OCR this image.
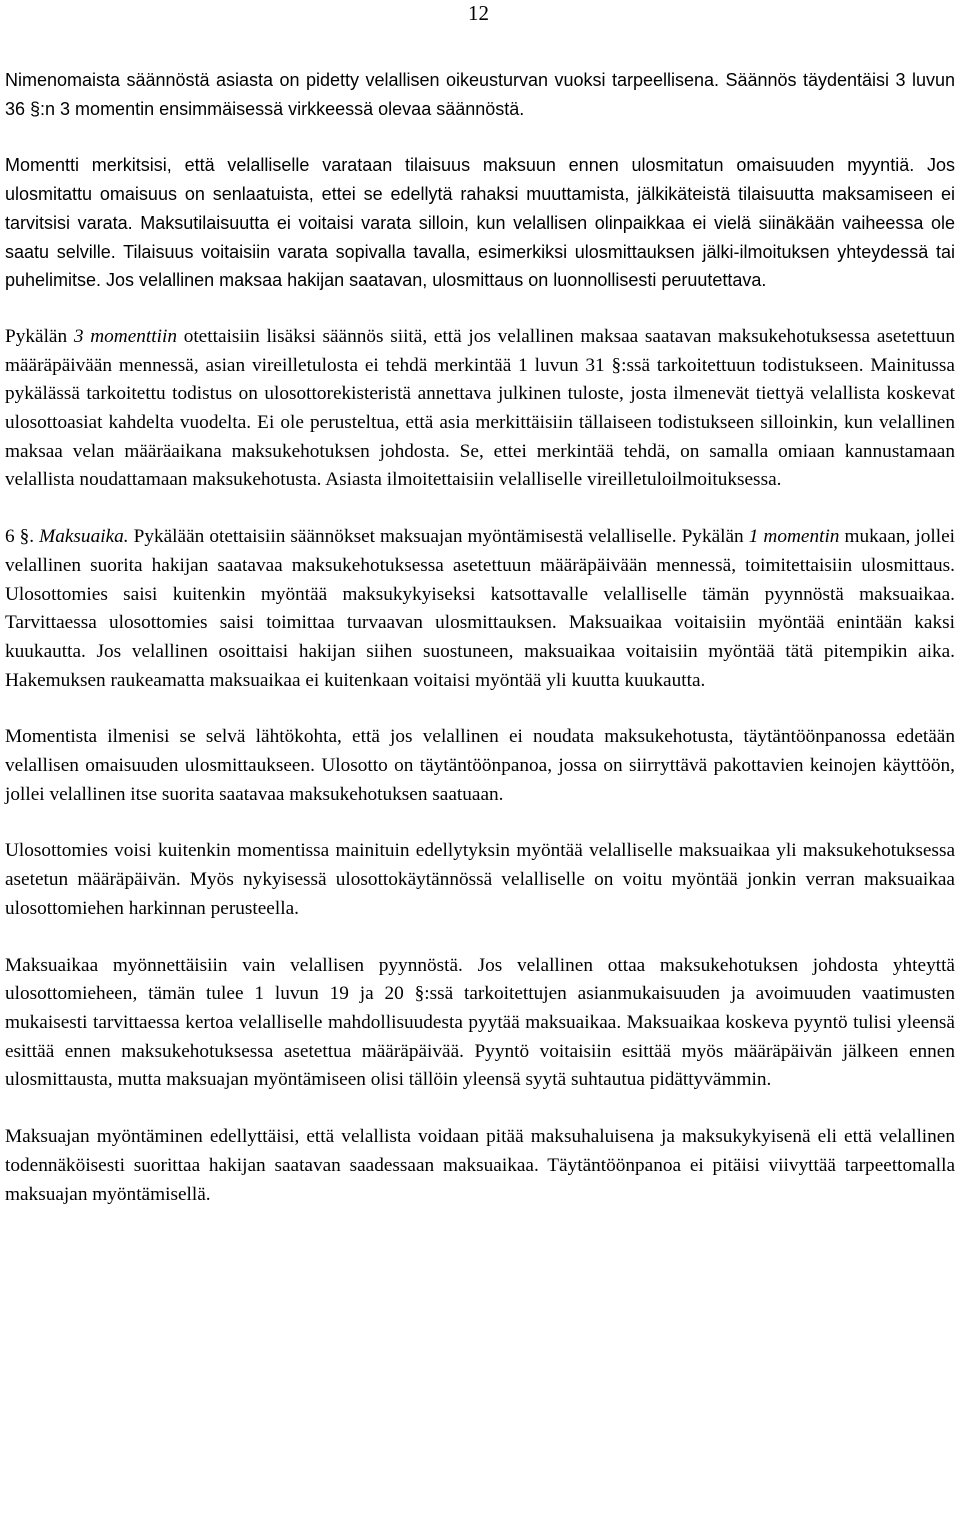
12

Nimenomaista säännöstä asiasta on pidetty velallisen oikeusturvan vuoksi tarpeellisena. Säännös täydentäisi 3 luvun 36 §:n 3 momentin ensimmäisessä virkkeessä olevaa säännöstä.

Momentti merkitsisi, että velalliselle varataan tilaisuus maksuun ennen ulosmitatun omaisuuden myyntiä. Jos ulosmitattu omaisuus on senlaatuista, ettei se edellytä rahaksi muuttamista, jälkikäteistä tilaisuutta maksamiseen ei tarvitsisi varata. Maksutilaisuutta ei voitaisi varata silloin, kun velallisen olinpaikkaa ei vielä siinäkään vaiheessa ole saatu selville. Tilaisuus voitaisiin varata sopivalla tavalla, esimerkiksi ulosmittauksen jälki-ilmoituksen yhteydessä tai puhelimitse. Jos velallinen maksaa hakijan saatavan, ulosmittaus on luonnollisesti peruutettava.

Pykälän 3 momenttiin otettaisiin lisäksi säännös siitä, että jos velallinen maksaa saatavan maksukehotuksessa asetettuun määräpäivään mennessä, asian vireilletulosta ei tehdä merkintää 1 luvun 31 §:ssä tarkoitettuun todistukseen. Mainitussa pykälässä tarkoitettu todistus on ulosottorekisteristä annettava julkinen tuloste, josta ilmenevät tiettyä velallista koskevat ulosottoasiat kahdelta vuodelta. Ei ole perusteltua, että asia merkittäisiin tällaiseen todistukseen silloinkin, kun velallinen maksaa velan määräaikana maksukehotuksen johdosta. Se, ettei merkintää tehdä, on samalla omiaan kannustamaan velallista noudattamaan maksukehotusta. Asiasta ilmoitettaisiin velalliselle vireilletuloilmoituksessa.

6 §. Maksuaika. Pykälään otettaisiin säännökset maksuajan myöntämisestä velalliselle. Pykälän 1 momentin mukaan, jollei velallinen suorita hakijan saatavaa maksukehotuksessa asetettuun määräpäivään mennessä, toimitettaisiin ulosmittaus. Ulosottomies saisi kuitenkin myöntää maksukykyiseksi katsottavalle velalliselle tämän pyynnöstä maksuaikaa. Tarvittaessa ulosottomies saisi toimittaa turvaavan ulosmittauksen. Maksuaikaa voitaisiin myöntää enintään kaksi kuukautta. Jos velallinen osoittaisi hakijan siihen suostuneen, maksuaikaa voitaisiin myöntää tätä pitempikin aika. Hakemuksen raukeamatta maksuaikaa ei kuitenkaan voitaisi myöntää yli kuutta kuukautta.

Momentista ilmenisi se selvä lähtökohta, että jos velallinen ei noudata maksukehotusta, täytäntöönpanossa edetään velallisen omaisuuden ulosmittaukseen. Ulosotto on täytäntöönpanoa, jossa on siirryttävä pakottavien keinojen käyttöön, jollei velallinen itse suorita saatavaa maksukehotuksen saatuaan.

Ulosottomies voisi kuitenkin momentissa mainituin edellytyksin myöntää velalliselle maksuaikaa yli maksukehotuksessa asetetun määräpäivän. Myös nykyisessä ulosottokäytännössä velalliselle on voitu myöntää jonkin verran maksuaikaa ulosottomiehen harkinnan perusteella.

Maksuaikaa myönnettäisiin vain velallisen pyynnöstä. Jos velallinen ottaa maksukehotuksen johdosta yhteyttä ulosottomieheen, tämän tulee 1 luvun 19 ja 20 §:ssä tarkoitettujen asianmukaisuuden ja avoimuuden vaatimusten mukaisesti tarvittaessa kertoa velalliselle mahdollisuudesta pyytää maksuaikaa. Maksuaikaa koskeva pyyntö tulisi yleensä esittää ennen maksukehotuksessa asetettua määräpäivää. Pyyntö voitaisiin esittää myös määräpäivän jälkeen ennen ulosmittausta, mutta maksuajan myöntämiseen olisi tällöin yleensä syytä suhtautua pidättyvämmin.

Maksuajan myöntäminen edellyttäisi, että velallista voidaan pitää maksuhaluisena ja maksukykyisenä eli että velallinen todennäköisesti suorittaa hakijan saatavan saadessaan maksuaikaa. Täytäntöönpanoa ei pitäisi viivyttää tarpeettomalla maksuajan myöntämisellä.
